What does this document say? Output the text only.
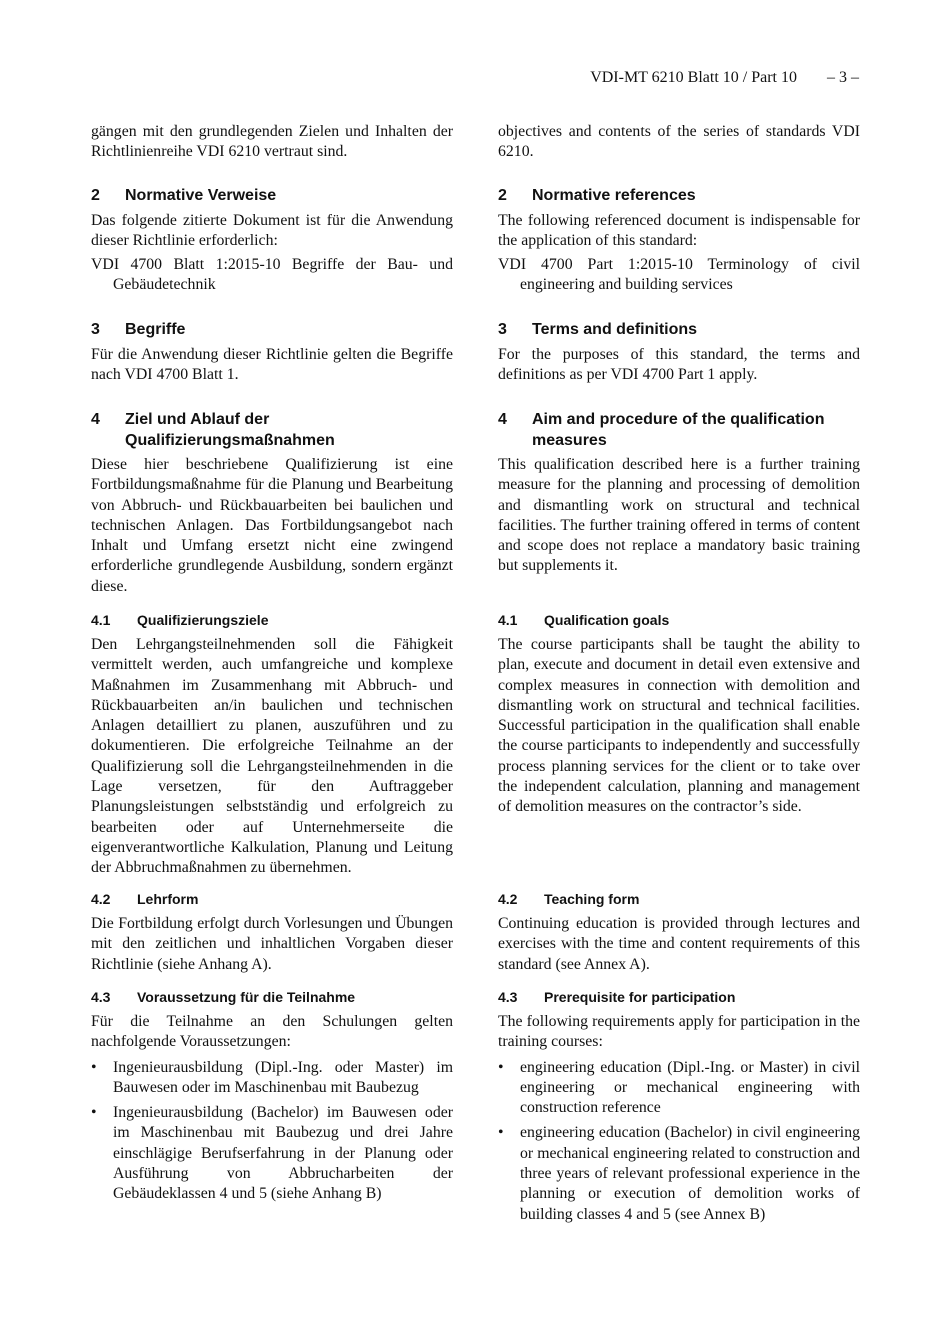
VDI-MT 6210 Blatt 10 / Part 10 – 3 –

gängen mit den grundlegenden Zielen und Inhalten der Richtlinienreihe VDI 6210 vertraut sind.

2	Normative Verweise

Das folgende zitierte Dokument ist für die Anwendung dieser Richtlinie erforderlich:

VDI 4700 Blatt 1:2015-10 Begriffe der Bau- und Gebäudetechnik

3	Begriffe

Für die Anwendung dieser Richtlinie gelten die Begriffe nach VDI 4700 Blatt 1.

4	Ziel und Ablauf der
Qualifizierungsmaßnahmen

Diese hier beschriebene Qualifizierung ist eine Fortbildungsmaßnahme für die Planung und Bearbeitung von Abbruch- und Rückbauarbeiten bei baulichen und technischen Anlagen. Das Fortbildungsangebot nach Inhalt und Umfang ersetzt nicht eine zwingend erforderliche grundlegende Ausbildung, sondern ergänzt diese.

4.1	Qualifizierungsziele

Den Lehrgangsteilnehmenden soll die Fähigkeit vermittelt werden, auch umfangreiche und komplexe Maßnahmen im Zusammenhang mit Abbruch- und Rückbauarbeiten an/in baulichen und technischen Anlagen detailliert zu planen, auszuführen und zu dokumentieren. Die erfolgreiche Teilnahme an der Qualifizierung soll die Lehrgangsteilnehmenden in die Lage versetzen, für den Auftraggeber Planungsleistungen selbstständig und erfolgreich zu bearbeiten oder auf Unternehmerseite die eigenverantwortliche Kalkulation, Planung und Leitung der Abbruchmaßnahmen zu übernehmen.

4.2	Lehrform

Die Fortbildung erfolgt durch Vorlesungen und Übungen mit den zeitlichen und inhaltlichen Vorgaben dieser Richtlinie (siehe Anhang A).

4.3	Voraussetzung für die Teilnahme

Für die Teilnahme an den Schulungen gelten nachfolgende Voraussetzungen:

• Ingenieurausbildung (Dipl.-Ing. oder Master) im Bauwesen oder im Maschinenbau mit Baubezug
• Ingenieurausbildung (Bachelor) im Bauwesen oder im Maschinenbau mit Baubezug und drei Jahre einschlägige Berufserfahrung in der Planung oder Ausführung von Abbrucharbeiten der Gebäudeklassen 4 und 5 (siehe Anhang B)

objectives and contents of the series of standards VDI 6210.

2	Normative references

The following referenced document is indispensable for the application of this standard:

VDI 4700 Part 1:2015-10 Terminology of civil engineering and building services

3	Terms and definitions

For the purposes of this standard, the terms and definitions as per VDI 4700 Part 1 apply.

4	Aim and procedure of the qualification
measures

This qualification described here is a further training measure for the planning and processing of demolition and dismantling work on structural and technical facilities. The further training offered in terms of content and scope does not replace a mandatory basic training but supplements it.

4.1	Qualification goals

The course participants shall be taught the ability to plan, execute and document in detail even extensive and complex measures in connection with demolition and dismantling work on structural and technical facilities. Successful participation in the qualification shall enable the course participants to independently and successfully process planning services for the client or to take over the independent calculation, planning and management of demolition measures on the contractor’s side.

4.2	Teaching form

Continuing education is provided through lectures and exercises with the time and content requirements of this standard (see Annex A).

4.3	Prerequisite for participation

The following requirements apply for participation in the training courses:

• engineering education (Dipl.-Ing. or Master) in civil engineering or mechanical engineering with construction reference
• engineering education (Bachelor) in civil engineering or mechanical engineering related to construction and three years of relevant professional experience in the planning or execution of demolition works of building classes 4 and 5 (see Annex B)
